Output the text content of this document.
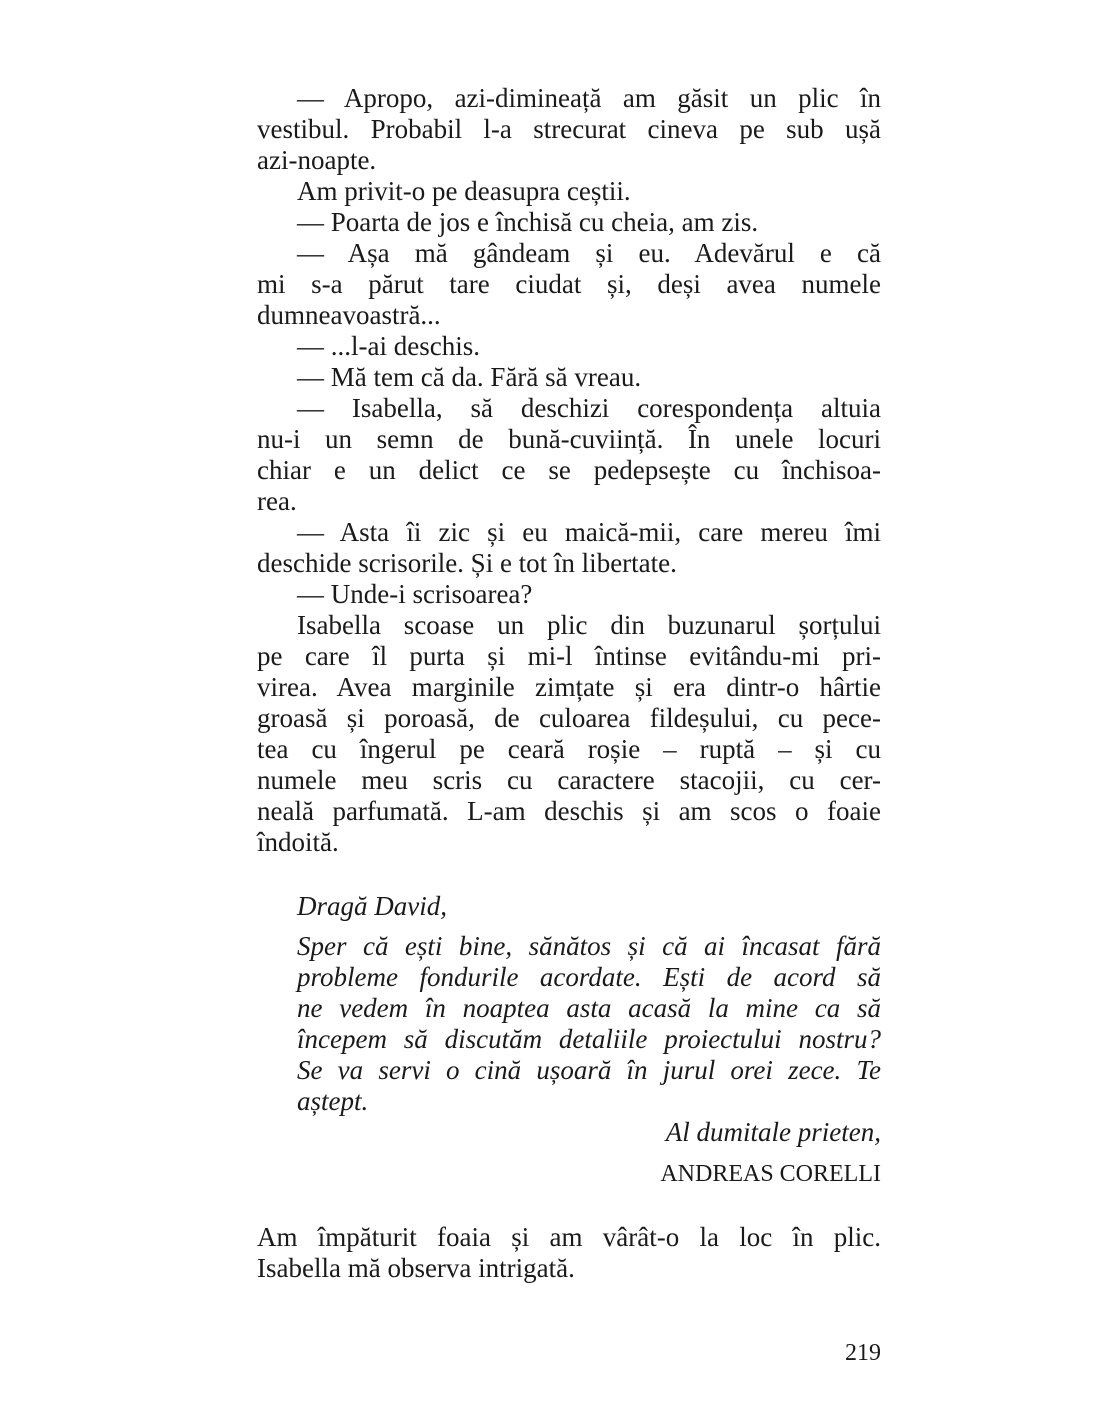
— Apropo, azi-dimineață am găsit un plic în
vestibul. Probabil l-a strecurat cineva pe sub ușă
azi-noapte.
Am privit-o pe deasupra ceștii.
— Poarta de jos e închisă cu cheia, am zis.
— Așa mă gândeam și eu. Adevărul e că
mi s-a părut tare ciudat și, deși avea numele
dumneavoastră...
— ...l-ai deschis.
— Mă tem că da. Fără să vreau.
— Isabella, să deschizi corespondența altuia
nu-i un semn de bună-cuviință. În unele locuri
chiar e un delict ce se pedepsește cu închisoa-
rea.
— Asta îi zic și eu maică-mii, care mereu îmi
deschide scrisorile. Și e tot în libertate.
— Unde-i scrisoarea?
Isabella scoase un plic din buzunarul șorțului
pe care îl purta și mi-l întinse evitându-mi pri-
virea. Avea marginile zimțate și era dintr-o hârtie
groasă și poroasă, de culoarea fildeșului, cu pece-
tea cu îngerul pe ceară roșie – ruptă – și cu
numele meu scris cu caractere stacojii, cu cer-
neală parfumată. L-am deschis și am scos o foaie
îndoită.
Dragă David,
Sper că ești bine, sănătos și că ai încasat fără
probleme fondurile acordate. Ești de acord să
ne vedem în noaptea asta acasă la mine ca să
începem să discutăm detaliile proiectului nostru?
Se va servi o cină ușoară în jurul orei zece. Te
aștept.
Al dumitale prieten,
ANDREAS CORELLI
Am împăturit foaia și am vârât-o la loc în plic.
Isabella mă observa intrigată.
219
